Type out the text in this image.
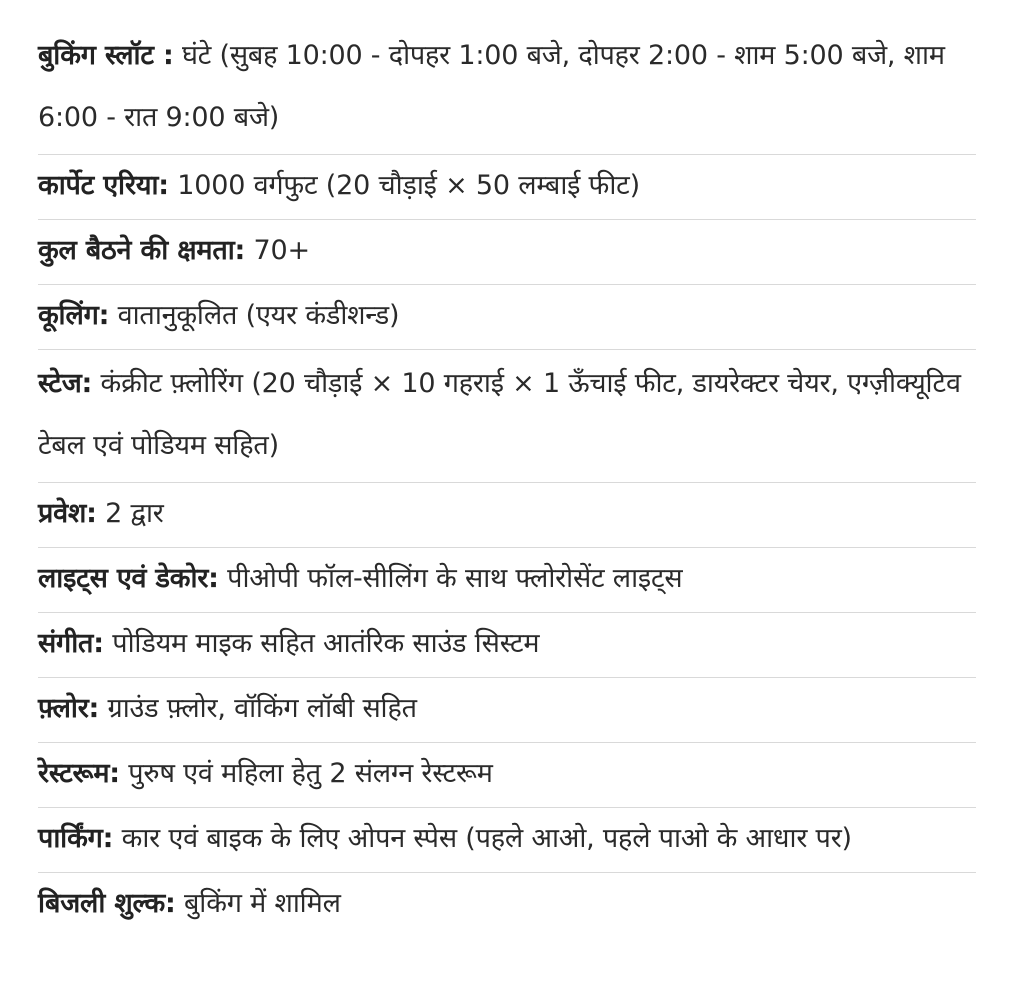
बुकिंग स्लॉट : घंटे (सुबह 10:00 - दोपहर 1:00 बजे, दोपहर 2:00 - शाम 5:00 बजे, शाम 6:00 - रात 9:00 बजे)
कार्पेट एरिया: 1000 वर्गफुट (20 चौड़ाई × 50 लम्बाई फीट)
कुल बैठने की क्षमता: 70+
कूलिंग: वातानुकूलित (एयर कंडीशन्ड)
स्टेज: कंक्रीट फ़्लोरिंग (20 चौड़ाई × 10 गहराई × 1 ऊँचाई फीट, डायरेक्टर चेयर, एग्ज़ीक्यूटिव टेबल एवं पोडियम सहित)
प्रवेश: 2 द्वार
लाइट्स एवं डेकोर: पीओपी फॉल-सीलिंग के साथ फ्लोरोसेंट लाइट्स
संगीत: पोडियम माइक सहित आतंरिक साउंड सिस्टम
फ़्लोर: ग्राउंड फ़्लोर, वॉकिंग लॉबी सहित
रेस्टरूम: पुरुष एवं महिला हेतु 2 संलग्न रेस्टरूम
पार्किंग: कार एवं बाइक के लिए ओपन स्पेस (पहले आओ, पहले पाओ के आधार पर)
बिजली शुल्क: बुकिंग में शामिल
